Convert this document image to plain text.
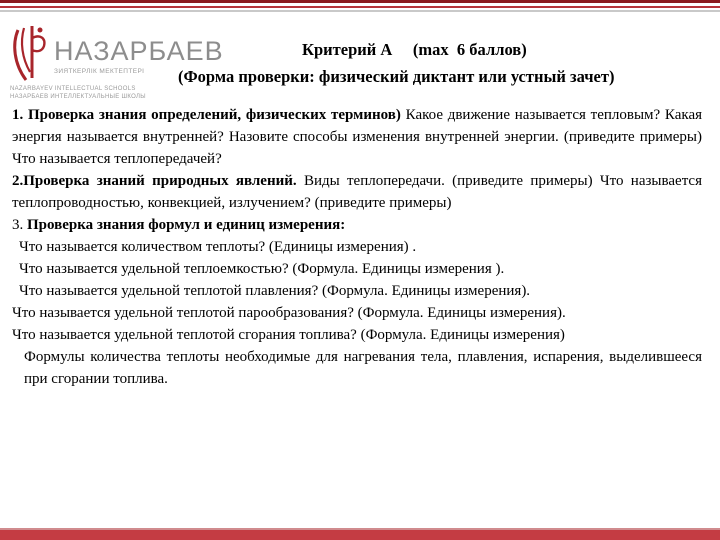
НАЗАРБАЕВ
ЗИЯТКЕРЛІК МЕКТЕПТЕРІ
NAZARBAYEV INTELLECTUAL SCHOOLS
НАЗАРБАЕВ ИНТЕЛЛЕКТУАЛЬНЫЕ ШКОЛЫ
Критерий А     (max  6 баллов)
(Форма проверки: физический диктант или устный зачет)

1. Проверка знания определений, физических терминов) Какое движение называется тепловым? Какая энергия называется внутренней? Назовите способы изменения внутренней энергии. (приведите примеры) Что называется теплопередачей?

2.Проверка знаний природных явлений. Виды теплопередачи. (приведите примеры) Что называется теплопроводностью, конвекцией, излучением? (приведите примеры)

3. Проверка знания формул и единиц измерения:

Что называется количеством теплоты? (Единицы измерения) .

Что называется удельной теплоемкостью? (Формула. Единицы измерения ).

Что называется удельной теплотой плавления? (Формула. Единицы измерения).

Что называется удельной теплотой парообразования? (Формула. Единицы измерения).

Что называется удельной теплотой сгорания топлива? (Формула. Единицы измерения)

Формулы количества теплоты необходимые для нагревания тела, плавления, испарения, выделившееся при сгорании топлива.
